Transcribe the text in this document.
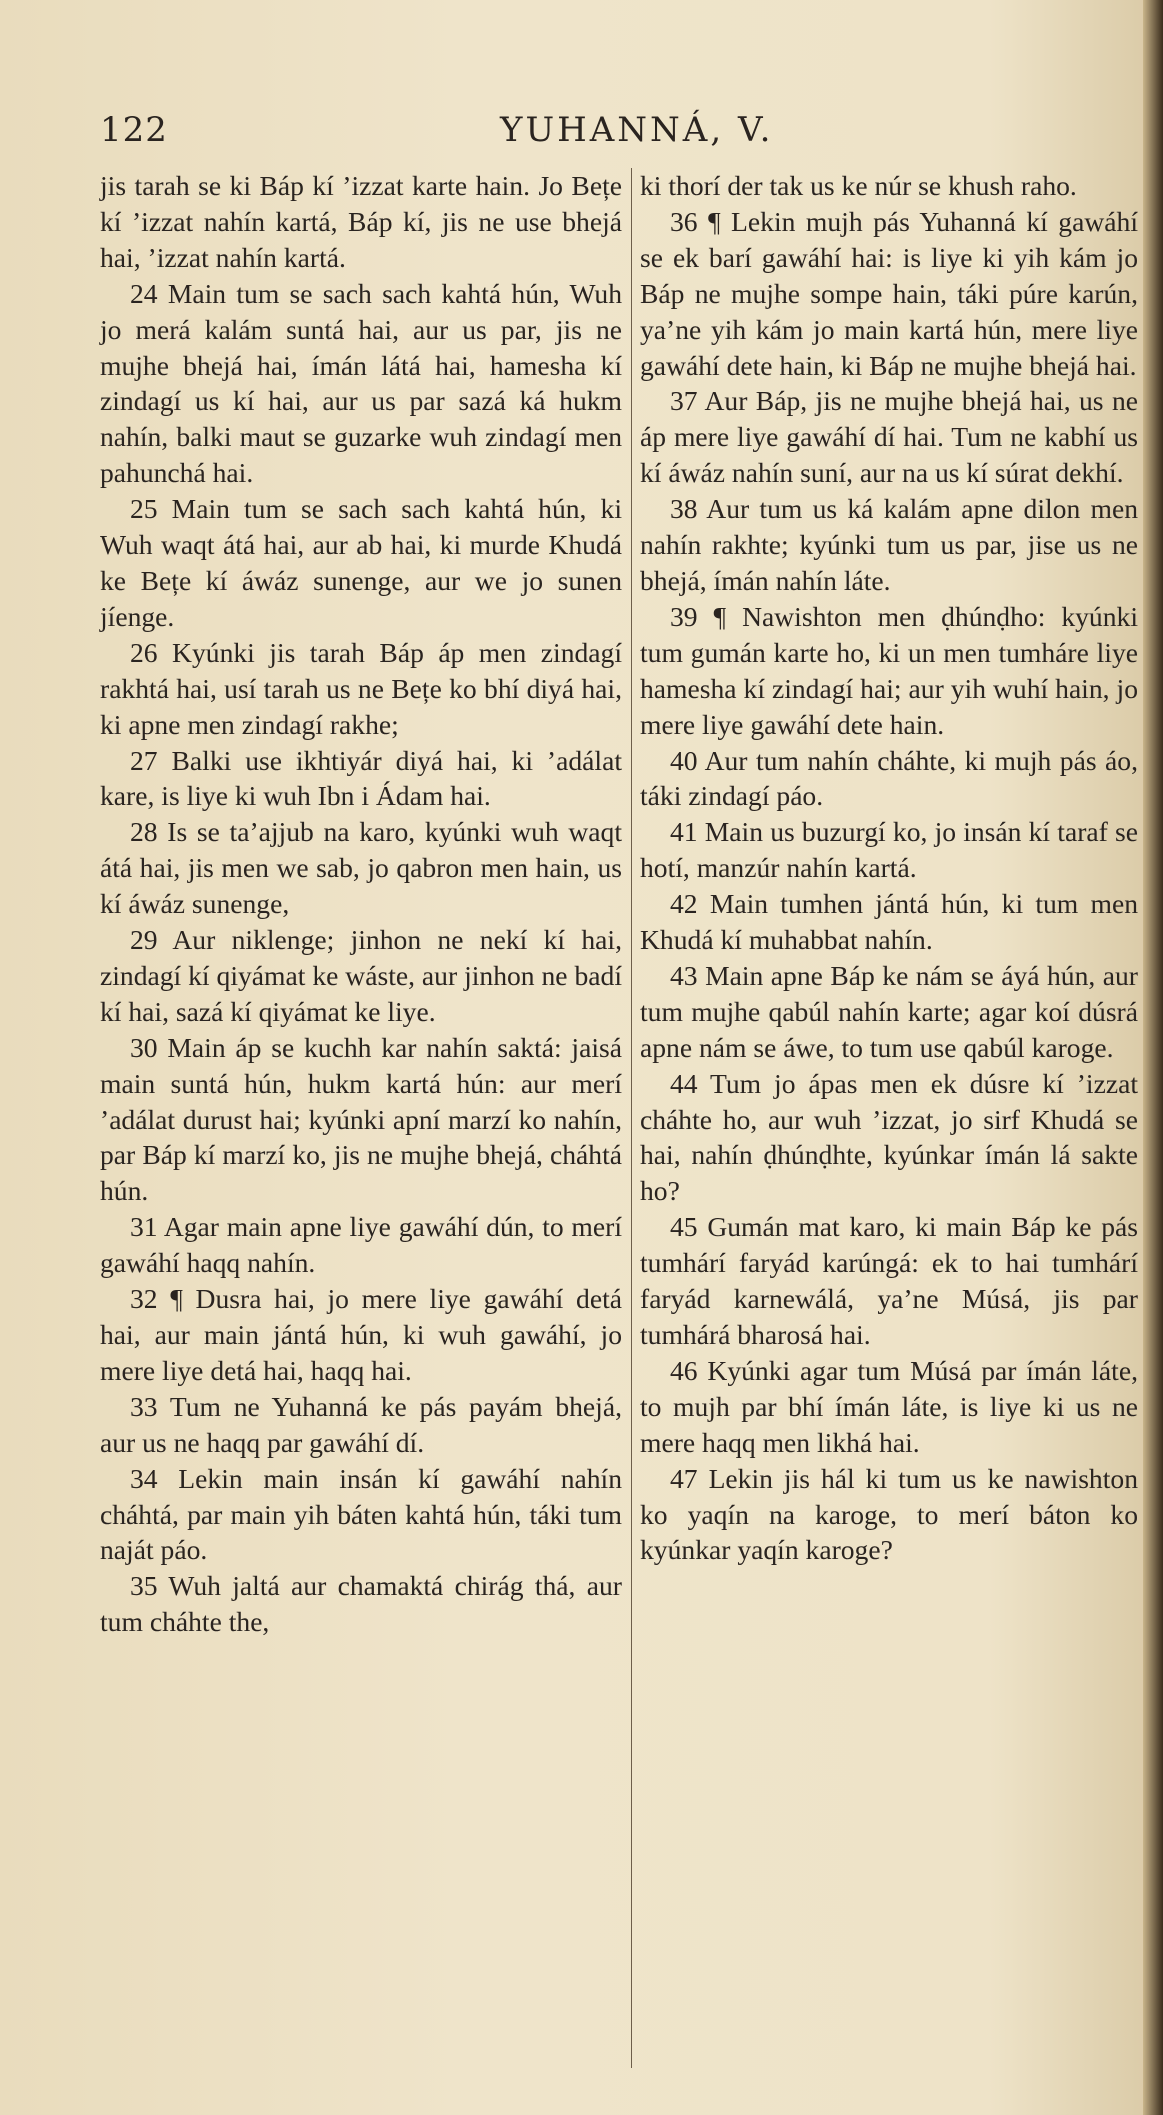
122	YUHANNÁ, V.

jis tarah se ki Báp kí ’izzat karte hain. Jo Bețe kí ’izzat nahín kartá, Báp kí, jis ne use bhejá hai, ’izzat nahín kartá.

24 Main tum se sach sach kahtá hún, Wuh jo merá kalám suntá hai, aur us par, jis ne mujhe bhejá hai, ímán látá hai, hamesha kí zindagí us kí hai, aur us par sazá ká hukm nahín, balki maut se guzarke wuh zindagí men pahunchá hai.

25 Main tum se sach sach kahtá hún, ki Wuh waqt átá hai, aur ab hai, ki murde Khudá ke Bețe kí áwáz sunenge, aur we jo sunen jíenge.

26 Kyúnki jis tarah Báp áp men zindagí rakhtá hai, usí tarah us ne Bețe ko bhí diyá hai, ki apne men zindagí rakhe;

27 Balki use ikhtiyár diyá hai, ki ’adálat kare, is liye ki wuh Ibn i Ádam hai.

28 Is se ta’ajjub na karo, kyúnki wuh waqt átá hai, jis men we sab, jo qabron men hain, us kí áwáz sunenge,

29 Aur niklenge; jinhon ne nekí kí hai, zindagí kí qiyámat ke wáste, aur jinhon ne badí kí hai, sazá kí qiyámat ke liye.

30 Main áp se kuchh kar nahín saktá: jaisá main suntá hún, hukm kartá hún: aur merí ’adálat durust hai; kyúnki apní marzí ko nahín, par Báp kí marzí ko, jis ne mujhe bhejá, cháhtá hún.

31 Agar main apne liye gawáhí dún, to merí gawáhí haqq nahín.

32 ¶ Dusra hai, jo mere liye gawáhí detá hai, aur main jántá hún, ki wuh gawáhí, jo mere liye detá hai, haqq hai.

33 Tum ne Yuhanná ke pás payám bhejá, aur us ne haqq par gawáhí dí.

34 Lekin main insán kí gawáhí nahín cháhtá, par main yih báten kahtá hún, táki tum naját páo.

35 Wuh jaltá aur chamaktá chirág thá, aur tum cháhte the,

ki thorí der tak us ke núr se khush raho.

36 ¶ Lekin mujh pás Yuhanná kí gawáhí se ek barí gawáhí hai: is liye ki yih kám jo Báp ne mujhe sompe hain, táki púre karún, ya’ne yih kám jo main kartá hún, mere liye gawáhí dete hain, ki Báp ne mujhe bhejá hai.

37 Aur Báp, jis ne mujhe bhejá hai, us ne áp mere liye gawáhí dí hai. Tum ne kabhí us kí áwáz nahín suní, aur na us kí súrat dekhí.

38 Aur tum us ká kalám apne dilon men nahín rakhte; kyúnki tum us par, jise us ne bhejá, ímán nahín láte.

39 ¶ Nawishton men ḍhúnḍho: kyúnki tum gumán karte ho, ki un men tumháre liye hamesha kí zindagí hai; aur yih wuhí hain, jo mere liye gawáhí dete hain.

40 Aur tum nahín cháhte, ki mujh pás áo, táki zindagí páo.

41 Main us buzurgí ko, jo insán kí taraf se hotí, manzúr nahín kartá.

42 Main tumhen jántá hún, ki tum men Khudá kí muhabbat nahín.

43 Main apne Báp ke nám se áyá hún, aur tum mujhe qabúl nahín karte; agar koí dúsrá apne nám se áwe, to tum use qabúl karoge.

44 Tum jo ápas men ek dúsre kí ’izzat cháhte ho, aur wuh ’izzat, jo sirf Khudá se hai, nahín ḍhúnḍhte, kyúnkar ímán lá sakte ho?

45 Gumán mat karo, ki main Báp ke pás tumhárí faryád karúngá: ek to hai tumhárí faryád karnewálá, ya’ne Músá, jis par tumhárá bharosá hai.

46 Kyúnki agar tum Músá par ímán láte, to mujh par bhí ímán láte, is liye ki us ne mere haqq men likhá hai.

47 Lekin jis hál ki tum us ke nawishton ko yaqín na karoge, to merí báton ko kyúnkar yaqín karoge?
